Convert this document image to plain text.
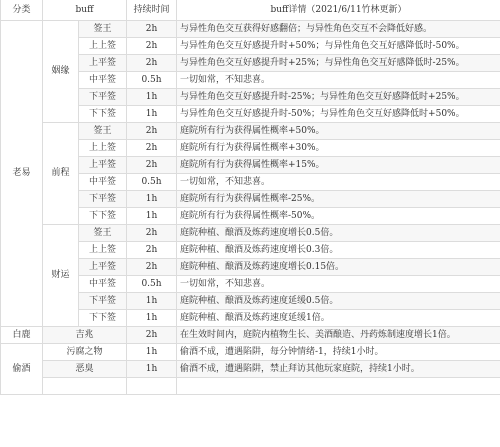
分类	buff		持续时间	buff详情（2021/6/11竹林更新）
老易	姻缘	签王	2h	与异性角色交互获得好感翻倍；与异性角色交互不会降低好感。
		上上签	2h	与异性角色交互好感提升时+50%；与异性角色交互好感降低时-50%。
		上平签	2h	与异性角色交互好感提升时+25%；与异性角色交互好感降低时-25%。
		中平签	0.5h	一切如常，不知悲喜。
		下平签	1h	与异性角色交互好感提升时-25%；与异性角色交互好感降低时+25%。
		下下签	1h	与异性角色交互好感提升时-50%；与异性角色交互好感降低时+50%。
	前程	签王	2h	庭院所有行为获得属性概率+50%。
		上上签	2h	庭院所有行为获得属性概率+30%。
		上平签	2h	庭院所有行为获得属性概率+15%。
		中平签	0.5h	一切如常，不知悲喜。
		下平签	1h	庭院所有行为获得属性概率-25%。
		下下签	1h	庭院所有行为获得属性概率-50%。
	财运	签王	2h	庭院种植、酿酒及炼药速度增长0.5倍。
		上上签	2h	庭院种植、酿酒及炼药速度增长0.3倍。
		上平签	2h	庭院种植、酿酒及炼药速度增长0.15倍。
		中平签	0.5h	一切如常，不知悲喜。
		下平签	1h	庭院种植、酿酒及炼药速度延缓0.5倍。
		下下签	1h	庭院种植、酿酒及炼药速度延缓1倍。
白鹿	吉兆		2h	在生效时间内，庭院内植物生长、美酒酿造、丹药炼制速度增长1倍。
偷酒	污腐之物		1h	偷酒不成，遭遇陷阱，每分钟情绪-1，持续1小时。
	恶臭		1h	偷酒不成，遭遇陷阱，禁止拜访其他玩家庭院，持续1小时。
